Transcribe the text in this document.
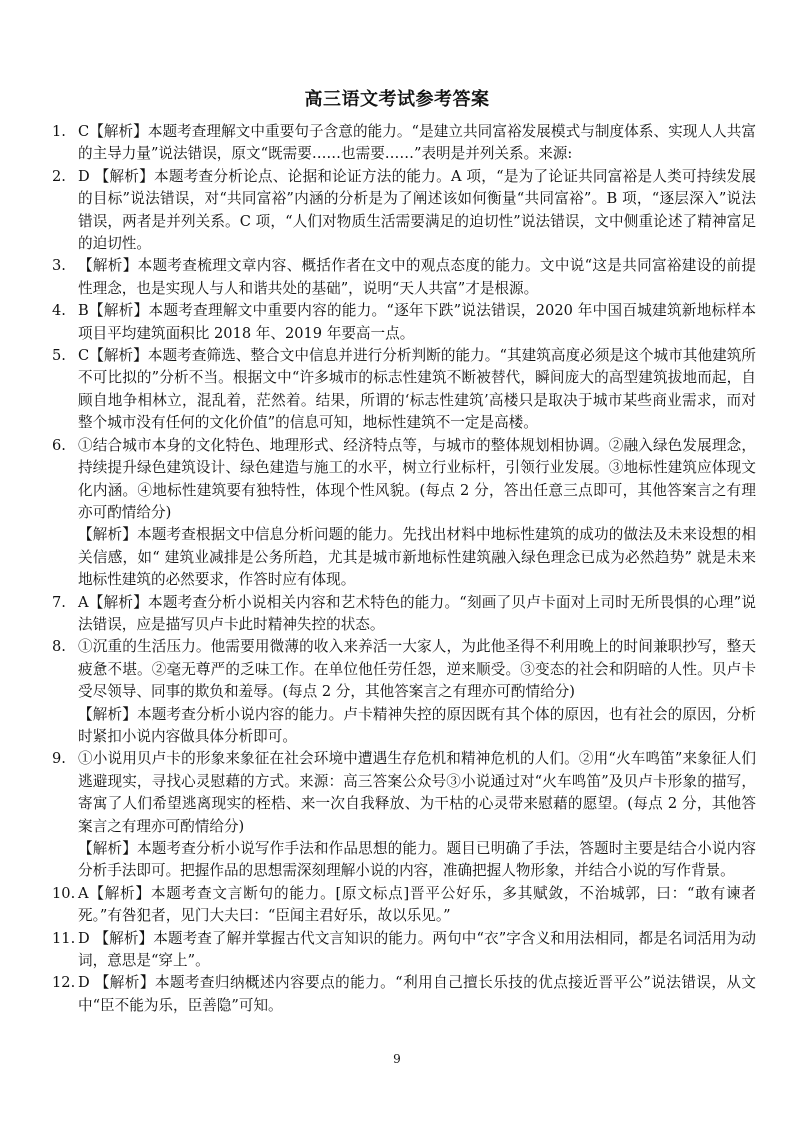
高三语文考试参考答案
1. C【解析】本题考查理解文中重要句子含意的能力。“是建立共同富裕发展模式与制度体系、实现人人共富的主导力量”说法错误，原文“既需要……也需要……”表明是并列关系。来源:

2. D 【解析】本题考查分析论点、论据和论证方法的能力。A 项，“是为了论证共同富裕是人类可持续发展的目标”说法错误，对“共同富裕”内涵的分析是为了阐述该如何衡量“共同富裕”。B 项，“逐层深入”说法错误，两者是并列关系。C 项，“人们对物质生活需要满足的迫切性”说法错误，文中侧重论述了精神富足的迫切性。

3. 【解析】本题考查梳理文章内容、概括作者在文中的观点态度的能力。文中说“这是共同富裕建设的前提性理念，也是实现人与人和谐共处的基础”，说明“天人共富”才是根源。

4. B【解析】本题考查理解文中重要内容的能力。“逐年下跌”说法错误，2020 年中国百城建筑新地标样本项目平均建筑面积比 2018 年、2019 年要高一点。

5. C【解析】本题考查筛选、整合文中信息并进行分析判断的能力。“其建筑高度必须是这个城市其他建筑所不可比拟的”分析不当。根据文中“许多城市的标志性建筑不断被替代，瞬间庞大的高型建筑拔地而起，自顾自地争相林立，混乱着，茫然着。结果，所谓的‘标志性建筑’高楼只是取决于城市某些商业需求，而对整个城市没有任何的文化价值”的信息可知，地标性建筑不一定是高楼。

6. ①结合城市本身的文化特色、地理形式、经济特点等，与城市的整体规划相协调。②融入绿色发展理念，持续提升绿色建筑设计、绿色建造与施工的水平，树立行业标杆，引领行业发展。③地标性建筑应体现文化内涵。④地标性建筑要有独特性，体现个性风貌。(每点 2 分，答出任意三点即可，其他答案言之有理亦可酌情给分)

【解析】本题考查根据文中信息分析问题的能力。先找出材料中地标性建筑的成功的做法及未来设想的相关信感，如“ 建筑业减排是公务所趋，尤其是城市新地标性建筑融入绿色理念已成为必然趋势” 就是未来地标性建筑的必然要求，作答时应有体现。

7. A【解析】本题考查分析小说相关内容和艺术特色的能力。“刻画了贝卢卡面对上司时无所畏惧的心理”说法错误，应是描写贝卢卡此时精神失控的状态。

8. ①沉重的生活压力。他需要用微薄的收入来养活一大家人，为此他圣得不利用晚上的时间兼职抄写，整天疲惫不堪。②毫无尊严的乏味工作。在单位他任劳任怨，逆来顺受。③变态的社会和阴暗的人性。贝卢卡受尽领导、同事的欺负和羞辱。(每点 2 分，其他答案言之有理亦可酌情给分)

【解析】本题考查分析小说内容的能力。卢卡精神失控的原因既有其个体的原因，也有社会的原因，分析时紧扣小说内容做具体分析即可。

9. ①小说用贝卢卡的形象来象征在社会环境中遭遇生存危机和精神危机的人们。②用“火车鸣笛”来象征人们逃避现实，寻找心灵慰藉的方式。来源：高三答案公众号③小说通过对“火车鸣笛”及贝卢卡形象的描写，寄寓了人们希望逃离现实的桎梏、来一次自我释放、为干枯的心灵带来慰藉的愿望。(每点 2 分，其他答案言之有理亦可酌情给分)

【解析】本题考查分析小说写作手法和作品思想的能力。题目已明确了手法，答题时主要是结合小说内容分析手法即可。把握作品的思想需深刻理解小说的内容，准确把握人物形象，并结合小说的写作背景。

10. A【解析】本题考查文言断句的能力。[原文标点]晋平公好乐，多其赋敛，不治城郭，曰：“敢有谏者死。”有咎犯者，见门大夫曰：“臣闻主君好乐，故以乐见。”

11. D 【解析】本题考查了解并掌握古代文言知识的能力。两句中“衣”字含义和用法相同，都是名词活用为动词，意思是“穿上”。

12. D 【解析】本题考查归纳概述内容要点的能力。“利用自己擅长乐技的优点接近晋平公”说法错误，从文中“臣不能为乐，臣善隐”可知。

9
